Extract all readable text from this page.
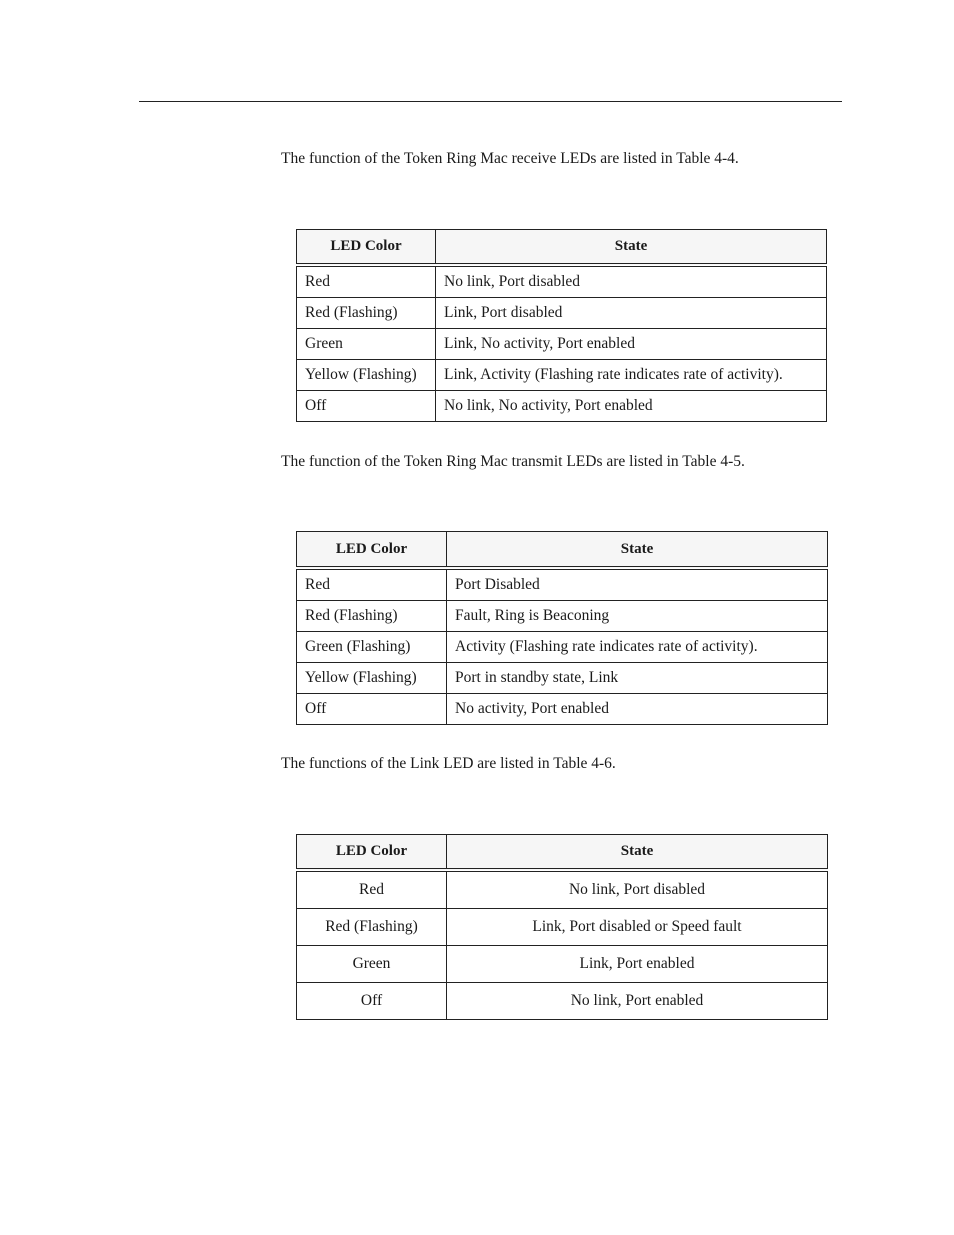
The function of the Token Ring Mac receive LEDs are listed in Table 4-4.

LED Color	State
Red	No link, Port disabled
Red (Flashing)	Link, Port disabled
Green	Link, No activity, Port enabled
Yellow (Flashing)	Link, Activity (Flashing rate indicates rate of activity).
Off	No link, No activity, Port enabled

The function of the Token Ring Mac transmit LEDs are listed in Table 4-5.

LED Color	State
Red	Port Disabled
Red (Flashing)	Fault, Ring is Beaconing
Green (Flashing)	Activity (Flashing rate indicates rate of activity).
Yellow (Flashing)	Port in standby state, Link
Off	No activity, Port enabled

The functions of the Link LED are listed in Table 4-6.

LED Color	State
Red	No link, Port disabled
Red (Flashing)	Link, Port disabled or Speed fault
Green	Link, Port enabled
Off	No link, Port enabled
